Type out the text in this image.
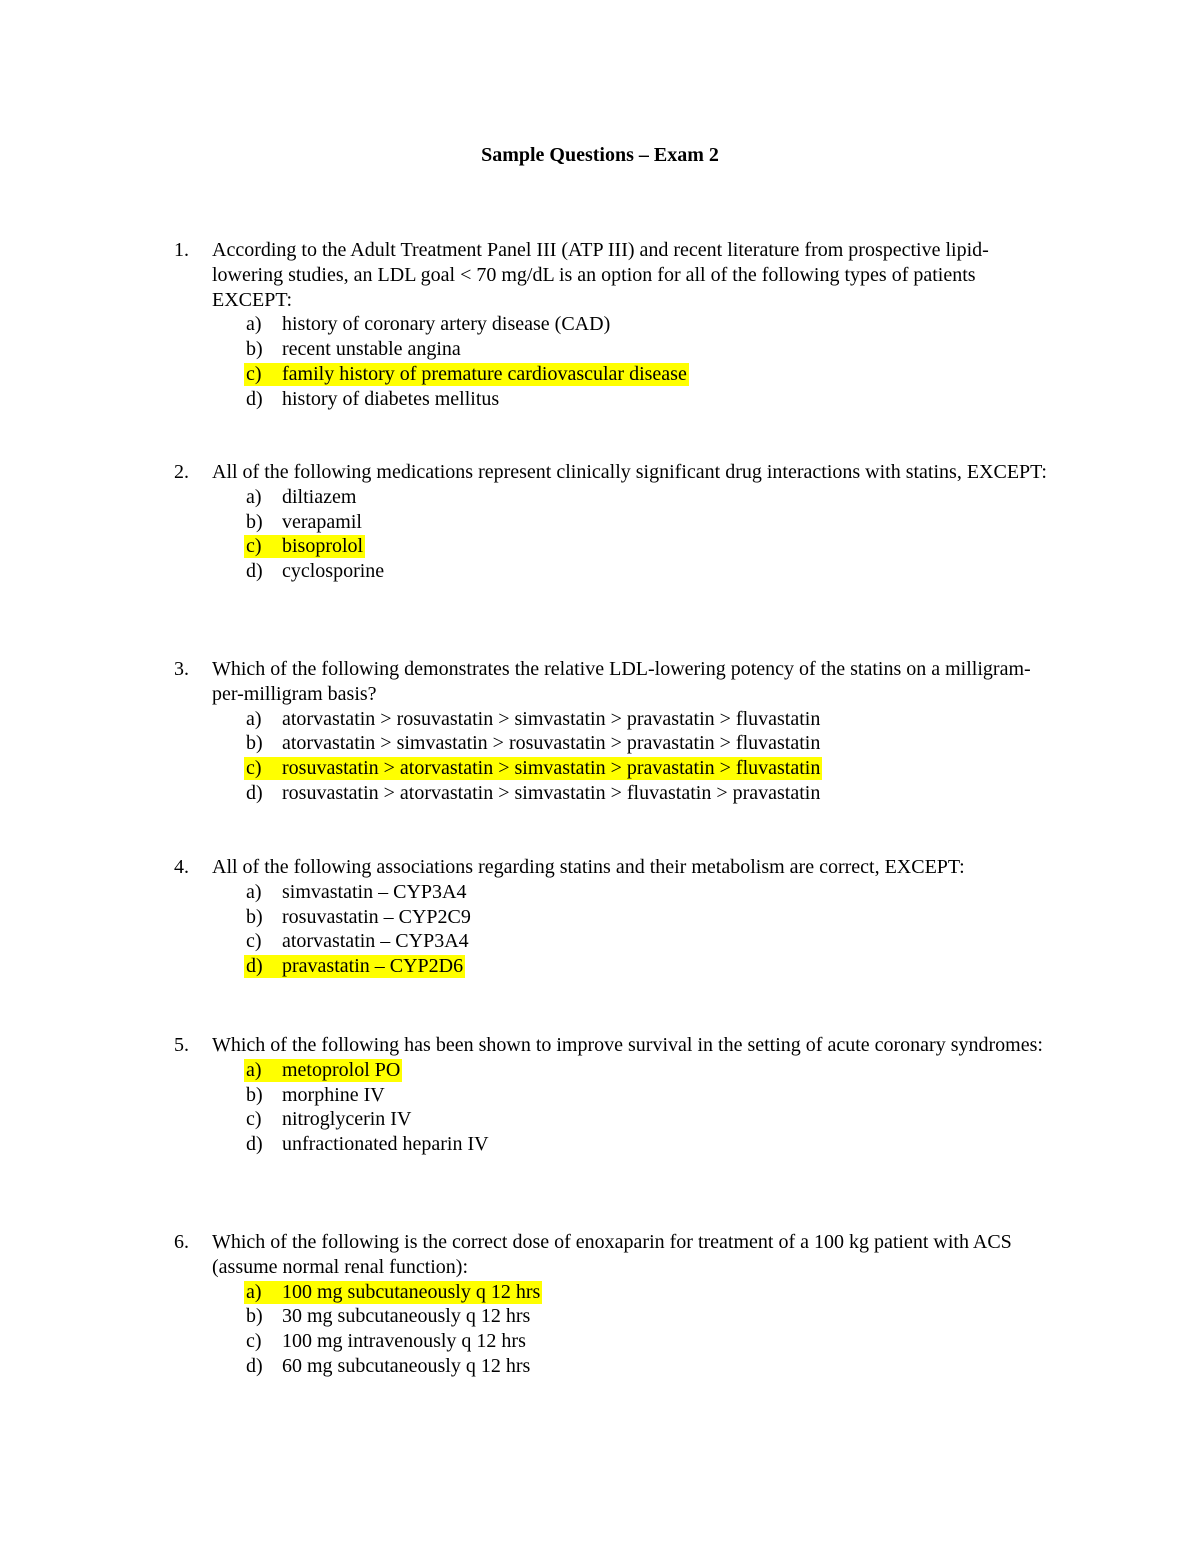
Sample Questions – Exam 2
1.	According to the Adult Treatment Panel III (ATP III) and recent literature from prospective lipid-lowering studies, an LDL goal < 70 mg/dL is an option for all of the following types of patients EXCEPT:
a) history of coronary artery disease (CAD)
b) recent unstable angina
c) family history of premature cardiovascular disease
d) history of diabetes mellitus
2.	All of the following medications represent clinically significant drug interactions with statins, EXCEPT:
a) diltiazem
b) verapamil
c) bisoprolol
d) cyclosporine
3.	Which of the following demonstrates the relative LDL-lowering potency of the statins on a milligram-per-milligram basis?
a) atorvastatin > rosuvastatin > simvastatin > pravastatin > fluvastatin
b) atorvastatin > simvastatin > rosuvastatin > pravastatin > fluvastatin
c) rosuvastatin > atorvastatin > simvastatin > pravastatin > fluvastatin
d) rosuvastatin > atorvastatin > simvastatin > fluvastatin > pravastatin
4.	All of the following associations regarding statins and their metabolism are correct, EXCEPT:
a) simvastatin – CYP3A4
b) rosuvastatin – CYP2C9
c) atorvastatin – CYP3A4
d) pravastatin – CYP2D6
5.	Which of the following has been shown to improve survival in the setting of acute coronary syndromes:
a) metoprolol PO
b) morphine IV
c) nitroglycerin IV
d) unfractionated heparin IV
6.	Which of the following is the correct dose of enoxaparin for treatment of a 100 kg patient with ACS (assume normal renal function):
a) 100 mg subcutaneously q 12 hrs
b) 30 mg subcutaneously q 12 hrs
c) 100 mg intravenously q 12 hrs
d) 60 mg subcutaneously q 12 hrs
